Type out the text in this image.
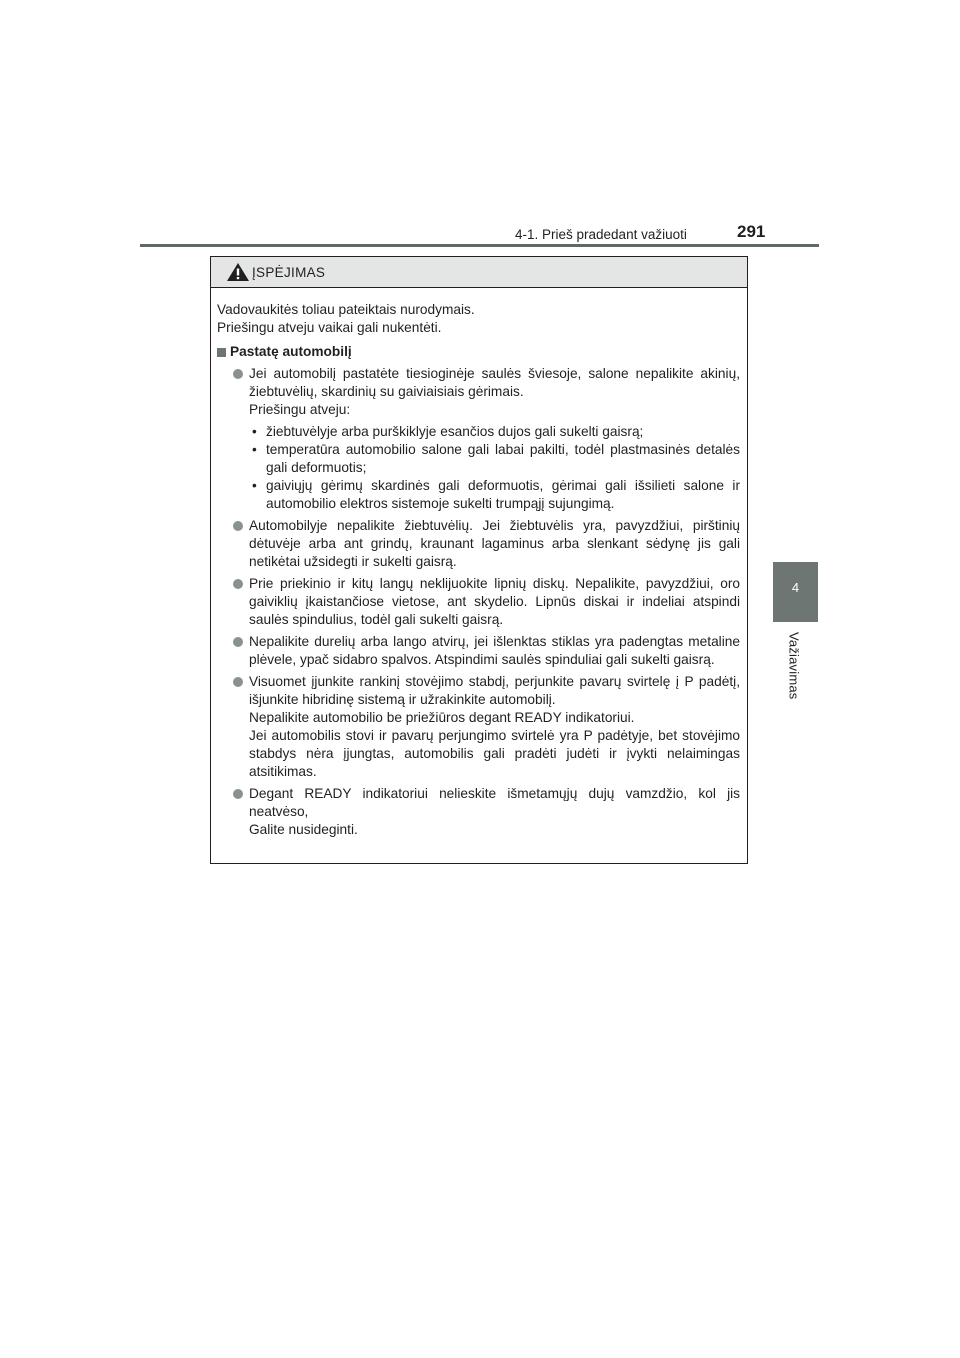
4-1. Prieš pradedant važiuoti	291
4
Važiavimas
ĮSPĖJIMAS

Vadovaukitės toliau pateiktais nurodymais.

Priešingu atveju vaikai gali nukentėti.

Pastatę automobilį

Jei automobilį pastatėte tiesioginėje saulės šviesoje, salone nepalikite akinių, žiebtuvėlių, skardinių su gaiviaisiais gėrimais.

Priešingu atveju:

• žiebtuvėlyje arba purškiklyje esančios dujos gali sukelti gaisrą;
• temperatūra automobilio salone gali labai pakilti, todėl plastmasinės detalės gali deformuotis;
• gaiviųjų gėrimų skardinės gali deformuotis, gėrimai gali išsilieti salone ir automobilio elektros sistemoje sukelti trumpąjį sujungimą.

Automobilyje nepalikite žiebtuvėlių. Jei žiebtuvėlis yra, pavyzdžiui, pirštinių dėtuvėje arba ant grindų, kraunant lagaminus arba slenkant sėdynę jis gali netikėtai užsidegti ir sukelti gaisrą.

Prie priekinio ir kitų langų neklijuokite lipnių diskų. Nepalikite, pavyzdžiui, oro gaiviklių įkaistančiose vietose, ant skydelio. Lipnūs diskai ir indeliai atspindi saulės spindulius, todėl gali sukelti gaisrą.

Nepalikite durelių arba lango atvirų, jei išlenktas stiklas yra padengtas metaline plėvele, ypač sidabro spalvos. Atspindimi saulės spinduliai gali sukelti gaisrą.

Visuomet įjunkite rankinį stovėjimo stabdį, perjunkite pavarų svirtelę į P padėtį, išjunkite hibridinę sistemą ir užrakinkite automobilį.

Nepalikite automobilio be priežiūros degant READY indikatoriui.

Jei automobilis stovi ir pavarų perjungimo svirtelė yra P padėtyje, bet stovėjimo stabdys nėra įjungtas, automobilis gali pradėti judėti ir įvykti nelaimingas atsitikimas.

Degant READY indikatoriui nelieskite išmetamųjų dujų vamzdžio, kol jis neatvėso,

Galite nusideginti.
